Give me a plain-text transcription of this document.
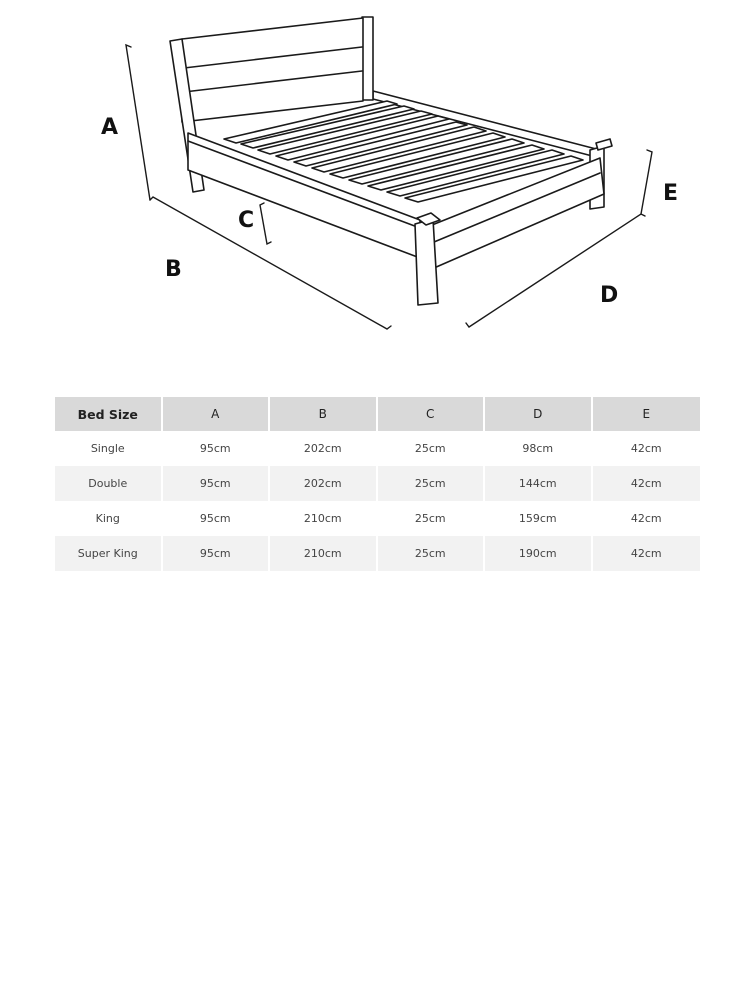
A
B
C
D
E
Bed Size	A	B	C	D	E
Single	95cm	202cm	25cm	98cm	42cm
Double	95cm	202cm	25cm	144cm	42cm
King	95cm	210cm	25cm	159cm	42cm
Super King	95cm	210cm	25cm	190cm	42cm
